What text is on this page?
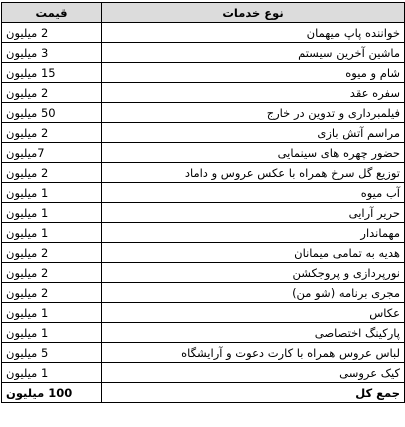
قیمت	نوع خدمات
2 میلیون	خواننده پاپ میهمان
3 میلیون	ماشین آخرین سیستم
15 میلیون	شام و میوه
2 میلیون	سفره عقد
50 میلیون	فیلمبرداری و تدوین در خارج
2 میلیون	مراسم آتش بازی
7میلیون	حضور چهره های سینمایی
2 میلیون	توزیع گل سرخ همراه با عکس عروس و داماد
1 میلیون	آب میوه
1 میلیون	حریر آرایی
1 میلیون	مهماندار
2 میلیون	هدیه به تمامی میمانان
2 میلیون	نورپردازی و پروجکشن
2 میلیون	مجری برنامه (شو من)
1 میلیون	عکاس
1 میلیون	پارکینگ اختصاصی
5 میلیون	لباس عروس همراه با کارت دعوت و آرایشگاه
1 میلیون	کیک عروسی
100 میلیون	جمع کل
